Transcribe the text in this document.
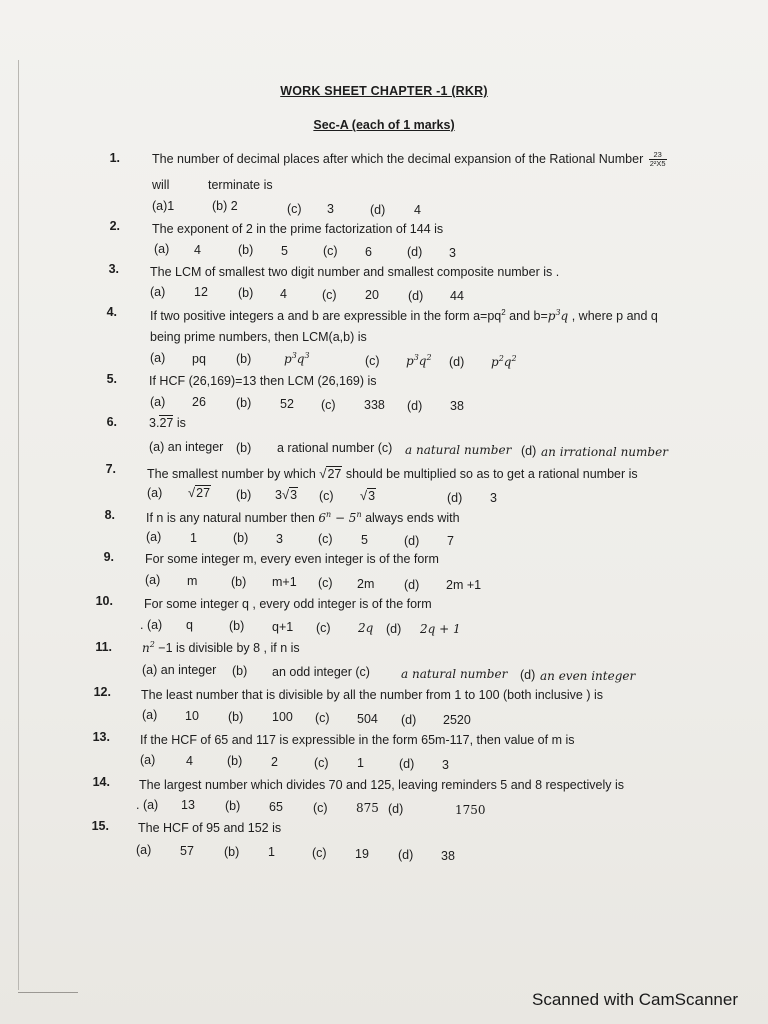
WORK SHEET CHAPTER -1 (RKR)
Sec-A (each of 1 marks)
1.	The number of decimal places after which the decimal expansion of the Rational Number $\frac{23}{\text{2²X5}}$
will	terminate is
(a)1	(b) 2	(c) 3	(d) 4
2.	The exponent of 2 in the prime factorization of 144 is
(a) 4	(b) 5	(c) 6	(d) 3
3. The LCM of smallest two digit number and smallest composite number is .
(a) 12 (b) 4	(c) 20 (d) 44
4.	If two positive integers a and b are expressible in the form $a=pq^2$ and $b=p^3q$ , where p and q
being prime numbers, then LCM(a,b) is
(a) pq (b)	$p^3q^3$	(c) $p^3q^2$ (d) $p^2q^2$
5.	If HCF (26,169)=13 then LCM (26,169) is
(a) 26 (b) 52 (c) 338 (d) 38
6.	3.27 is
(a) an integer (b) a rational number (c) a natural number (d) an irrational number
7. The smallest number by which √27 should be multiplied so as to get a rational number is
(a) √27 (b) 3√3 (c) √3	(d) 3
8. If n is any natural number then $6^n - 5^n$ always ends with
(a) 1	(b) 3	(c) 5	(d) 7
9. For some integer m, every even integer is of the form
(a) m	(b) m+1 (c) 2m (d) 2m +1
10. For some integer q , every odd integer is of the form
. (a) q	(b) q+1 (c) 2q (d) 2q + 1
11.	$n^2 -1$ is divisible by 8 , if n is
(a) an integer (b) an odd integer (c)	a natural number (d) an even integer
12. The least number that is divisible by all the number from 1 to 100 (both inclusive ) is
(a) 10 (b) 100 (c) 504 (d) 2520
13. If the HCF of 65 and 117 is expressible in the form 65m-117, then value of m is
(a) 4	(b) 2	(c) 1	(d) 3
14. The largest number which divides 70 and 125, leaving reminders 5 and 8 respectively is
. (a) 13 (b) 65 (c) 875 (d)	1750
15. The HCF of 95 and 152 is
(a) 57 (b) 1	(c) 19 (d) 38
Scanned with CamScanner
